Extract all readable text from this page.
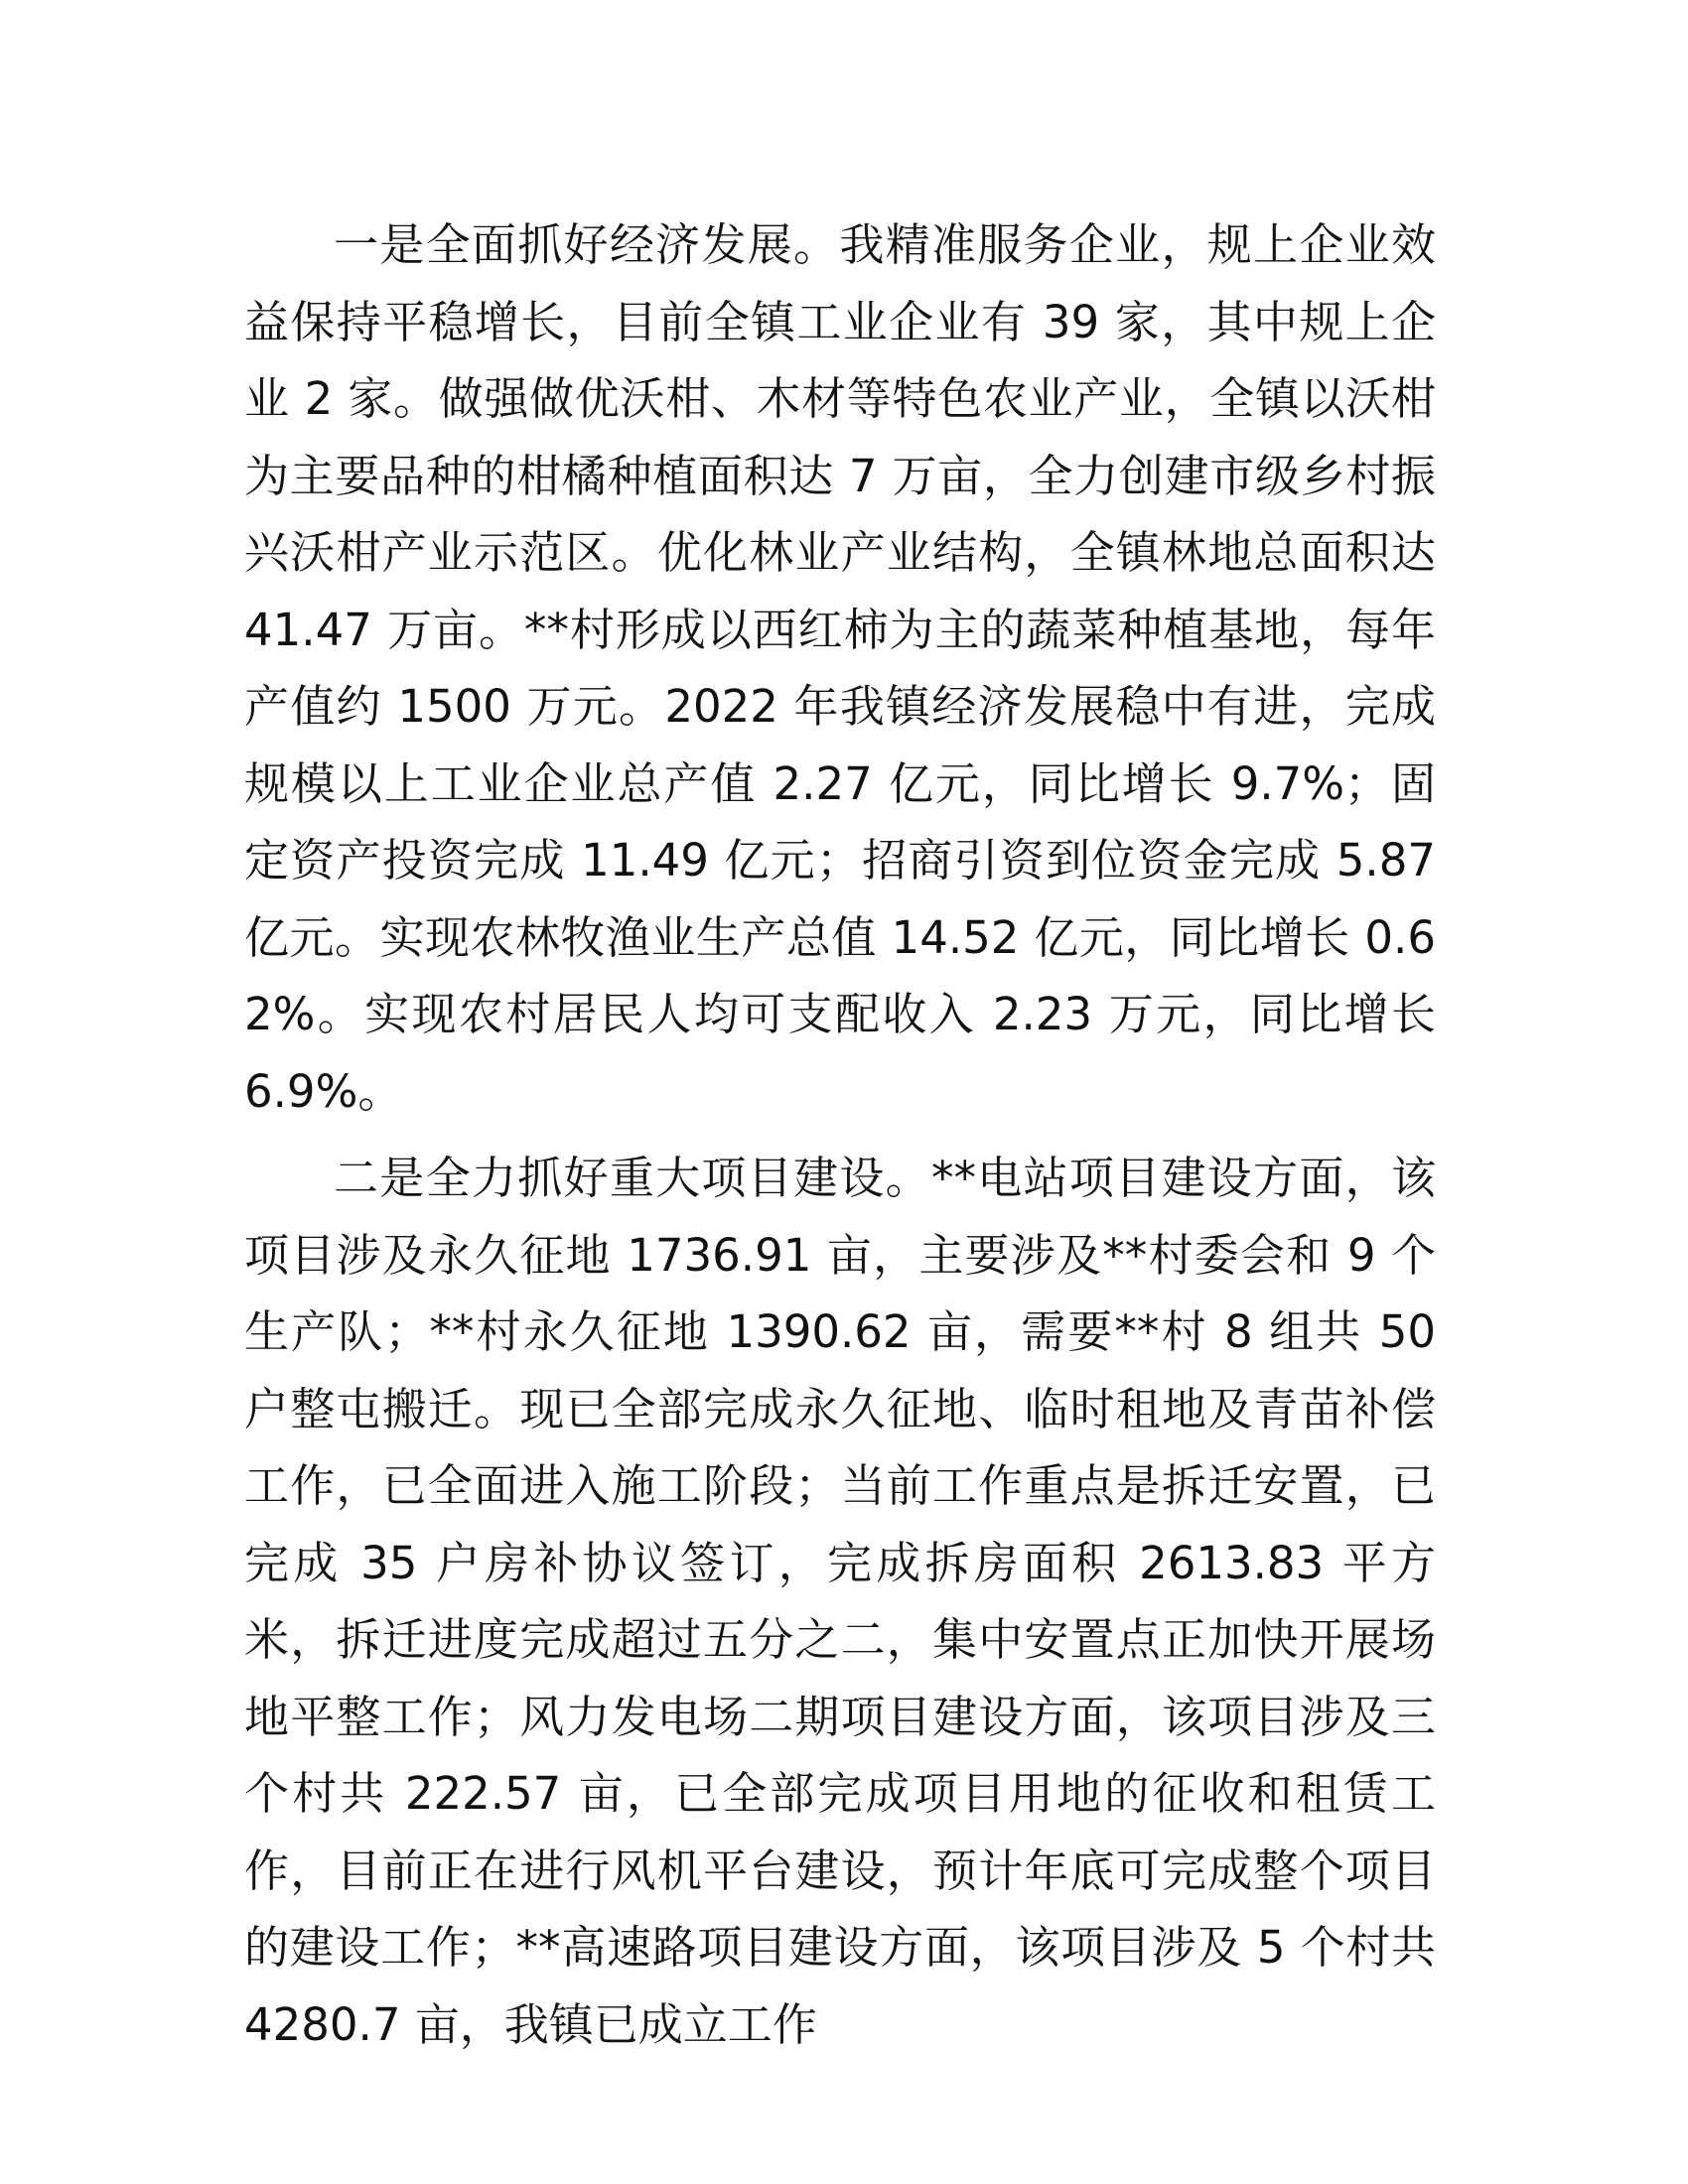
一是全面抓好经济发展。我精准服务企业，规上企业效益保持平稳增长，目前全镇工业企业有 39 家，其中规上企业 2 家。做强做优沃柑、木材等特色农业产业，全镇以沃柑为主要品种的柑橘种植面积达 7 万亩，全力创建市级乡村振兴沃柑产业示范区。优化林业产业结构，全镇林地总面积达 41.47 万亩。**村形成以西红柿为主的蔬菜种植基地，每年产值约 1500 万元。2022 年我镇经济发展稳中有进，完成规模以上工业企业总产值 2.27 亿元，同比增长 9.7%；固定资产投资完成 11.49 亿元；招商引资到位资金完成 5.87 亿元。实现农林牧渔业生产总值 14.52 亿元，同比增长 0.62%。实现农村居民人均可支配收入 2.23 万元，同比增长 6.9%。

二是全力抓好重大项目建设。**电站项目建设方面，该项目涉及永久征地 1736.91 亩，主要涉及**村委会和 9 个生产队；**村永久征地 1390.62 亩，需要**村 8 组共 50 户整屯搬迁。现已全部完成永久征地、临时租地及青苗补偿工作，已全面进入施工阶段；当前工作重点是拆迁安置，已完成 35 户房补协议签订，完成拆房面积 2613.83 平方米，拆迁进度完成超过五分之二，集中安置点正加快开展场地平整工作；风力发电场二期项目建设方面，该项目涉及三个村共 222.57 亩，已全部完成项目用地的征收和租赁工作，目前正在进行风机平台建设，预计年底可完成整个项目的建设工作；**高速路项目建设方面，该项目涉及 5 个村共 4280.7 亩，我镇已成立工作
